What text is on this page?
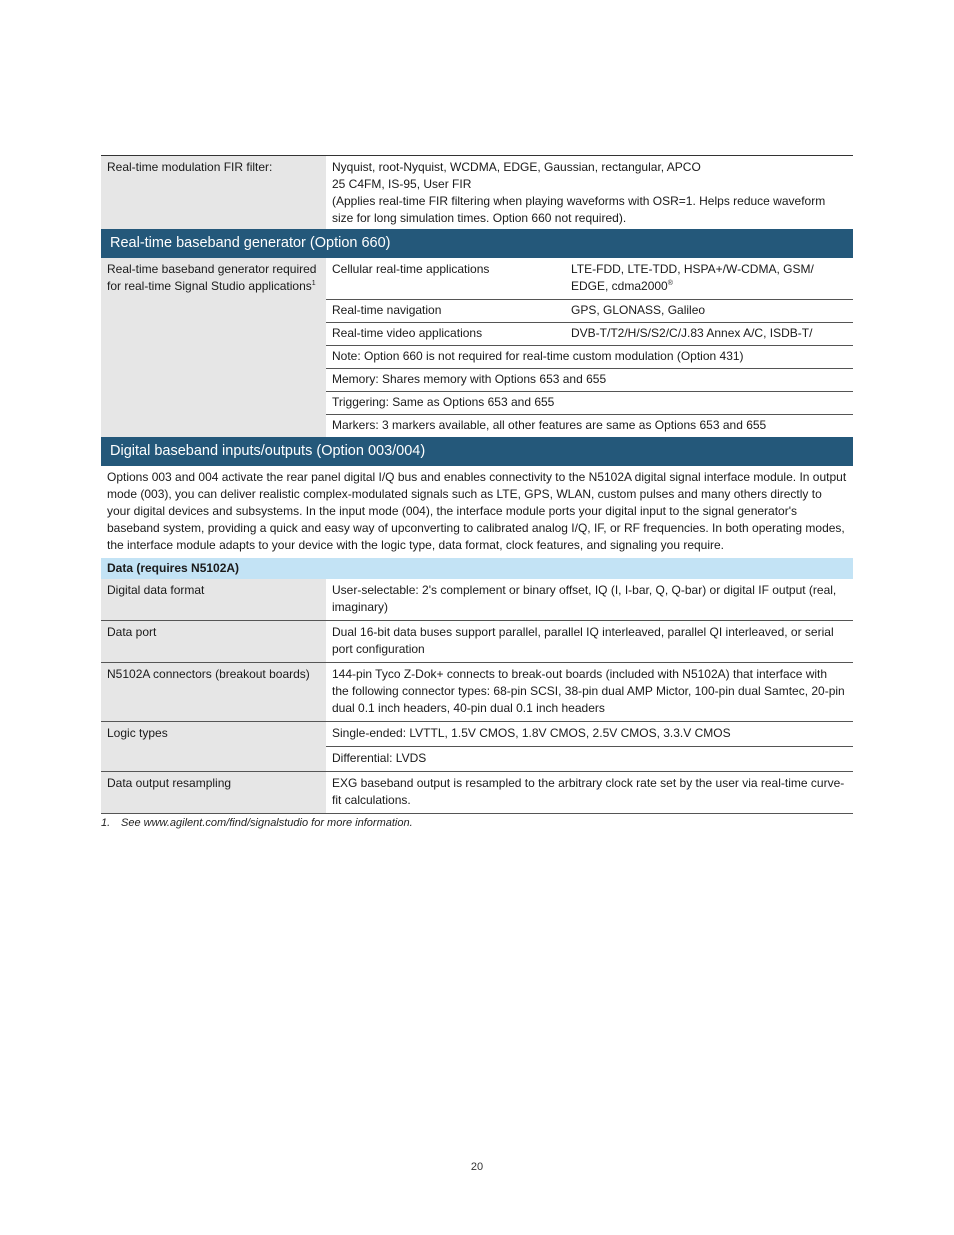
Real-time modulation FIR filter:	Nyquist, root-Nyquist, WCDMA, EDGE, Gaussian, rectangular, APCO
25 C4FM, IS-95, User FIR
(Applies real-time FIR filtering when playing waveforms with OSR=1. Helps reduce waveform size for long simulation times. Option 660 not required).
Real-time baseband generator (Option 660)
Real-time baseband generator required for real-time Signal Studio applications$^1$	Cellular real-time applications	LTE-FDD, LTE-TDD, HSPA+/W-CDMA, GSM/ EDGE, cdma2000®
	Real-time navigation	GPS, GLONASS, Galileo
	Real-time video applications	DVB-T/T2/H/S/S2/C/J.83 Annex A/C, ISDB-T/
	Note: Option 660 is not required for real-time custom modulation (Option 431)	
	Memory: Shares memory with Options 653 and 655	
	Triggering: Same as Options 653 and 655	
	Markers: 3 markers available, all other features are same as Options 653 and 655	
Digital baseband inputs/outputs (Option 003/004)
Options 003 and 004 activate the rear panel digital I/Q bus and enables connectivity to the N5102A digital signal interface module. In output mode (003), you can deliver realistic complex-modulated signals such as LTE, GPS, WLAN, custom pulses and many others directly to your digital devices and subsystems. In the input mode (004), the interface module ports your digital input to the signal generator's baseband system, providing a quick and easy way of upconverting to calibrated analog I/Q, IF, or RF frequencies. In both operating modes, the interface module adapts to your device with the logic type, data format, clock features, and signaling you require.
Data (requires N5102A)	
Digital data format	User-selectable: 2's complement or binary offset, IQ (I, I-bar, Q, Q-bar) or digital IF output (real, imaginary)
Data port	Dual 16-bit data buses support parallel, parallel IQ interleaved, parallel QI interleaved, or serial port configuration
N5102A connectors (breakout boards)	144-pin Tyco Z-Dok+ connects to break-out boards (included with N5102A) that interface with the following connector types: 68-pin SCSI, 38-pin dual AMP Mictor, 100-pin dual Samtec, 20-pin dual 0.1 inch headers, 40-pin dual 0.1 inch headers
Logic types	Single-ended: LVTTL, 1.5V CMOS, 1.8V CMOS, 2.5V CMOS, 3.3.V CMOS
	Differential: LVDS
Data output resampling	EXG baseband output is resampled to the arbitrary clock rate set by the user via real-time curve-fit calculations.
1. See www.agilent.com/find/signalstudio for more information.
20
